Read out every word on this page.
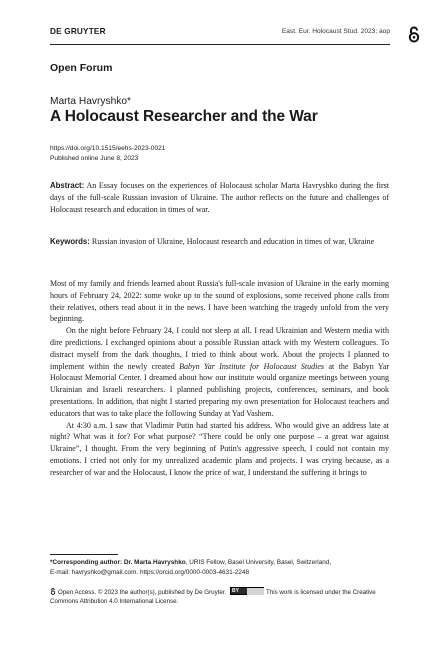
DE GRUYTER	East. Eur. Holocaust Stud. 2023; aop
Open Forum
Marta Havryshko*
A Holocaust Researcher and the War
https://doi.org/10.1515/eehs-2023-0021
Published online June 8, 2023
Abstract: An Essay focuses on the experiences of Holocaust scholar Marta Havryshko during the first days of the full-scale Russian invasion of Ukraine. The author reflects on the future and challenges of Holocaust research and education in times of war.
Keywords: Russian invasion of Ukraine, Holocaust research and education in times of war, Ukraine

Most of my family and friends learned about Russia's full-scale invasion of Ukraine in the early morning hours of February 24, 2022: some woke up to the sound of explosions, some received phone calls from their relatives, others read about it in the news. I have been watching the tragedy unfold from the very beginning.

On the night before February 24, I could not sleep at all. I read Ukrainian and Western media with dire predictions. I exchanged opinions about a possible Russian attack with my Western colleagues. To distract myself from the dark thoughts, I tried to think about work. About the projects I planned to implement within the newly created Babyn Yar Institute for Holocaust Studies at the Babyn Yar Holocaust Memorial Center. I dreamed about how our institute would organize meetings between young Ukrainian and Israeli researchers. I planned publishing projects, conferences, seminars, and book presentations. In addition, that night I started preparing my own presentation for Holocaust teachers and educators that was to take place the following Sunday at Yad Vashem.

At 4:30 a.m. I saw that Vladimir Putin had started his address. Who would give an address late at night? What was it for? For what purpose? “There could be only one purpose – a great war against Ukraine”, I thought. From the very beginning of Putin's aggressive speech, I could not contain my emotions. I cried not only for my unrealized academic plans and projects. I was crying because, as a researcher of war and the Holocaust, I know the price of war, I understand the suffering it brings to

*Corresponding author: Dr. Marta Havryshko, URIS Fellow, Basel University, Basel, Switzerland,
E-mail: havryshko@gmail.com. https://orcid.org/0000-0003-4631-2248
Open Access. © 2023 the author(s), published by De Gruyter. BY	This work is licensed under the Creative Commons Attribution 4.0 International License.
